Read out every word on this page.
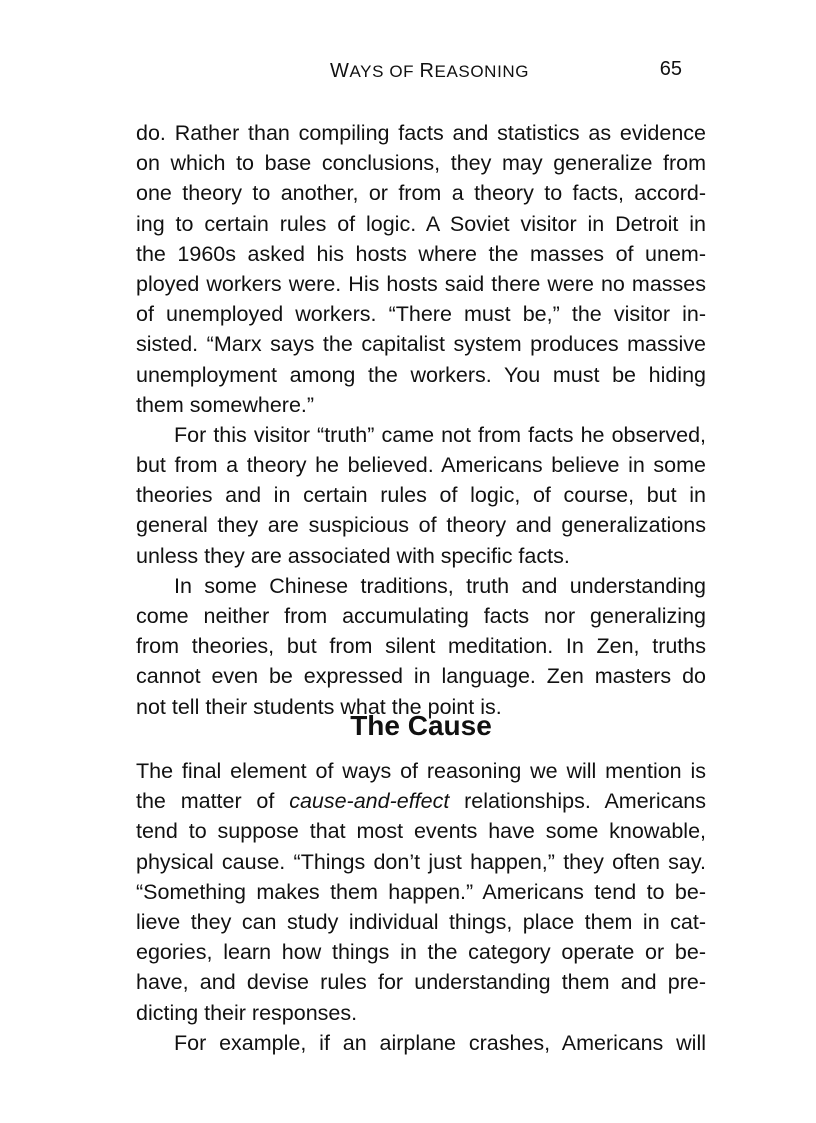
WAYS OF REASONING	65
do. Rather than compiling facts and statistics as evidence
on which to base conclusions, they may generalize from
one theory to another, or from a theory to facts, accord-
ing to certain rules of logic. A Soviet visitor in Detroit in
the 1960s asked his hosts where the masses of unem-
ployed workers were. His hosts said there were no masses
of unemployed workers. “There must be,” the visitor in-
sisted. “Marx says the capitalist system produces massive
unemployment among the workers. You must be hiding
them somewhere.”
For this visitor “truth” came not from facts he observed,
but from a theory he believed. Americans believe in some
theories and in certain rules of logic, of course, but in
general they are suspicious of theory and generalizations
unless they are associated with specific facts.
In some Chinese traditions, truth and understanding
come neither from accumulating facts nor generalizing
from theories, but from silent meditation. In Zen, truths
cannot even be expressed in language. Zen masters do
not tell their students what the point is.
The Cause
The final element of ways of reasoning we will mention is
the matter of cause-and-effect relationships. Americans
tend to suppose that most events have some knowable,
physical cause. “Things don’t just happen,” they often say.
“Something makes them happen.” Americans tend to be-
lieve they can study individual things, place them in cat-
egories, learn how things in the category operate or be-
have, and devise rules for understanding them and pre-
dicting their responses.
For example, if an airplane crashes, Americans will
